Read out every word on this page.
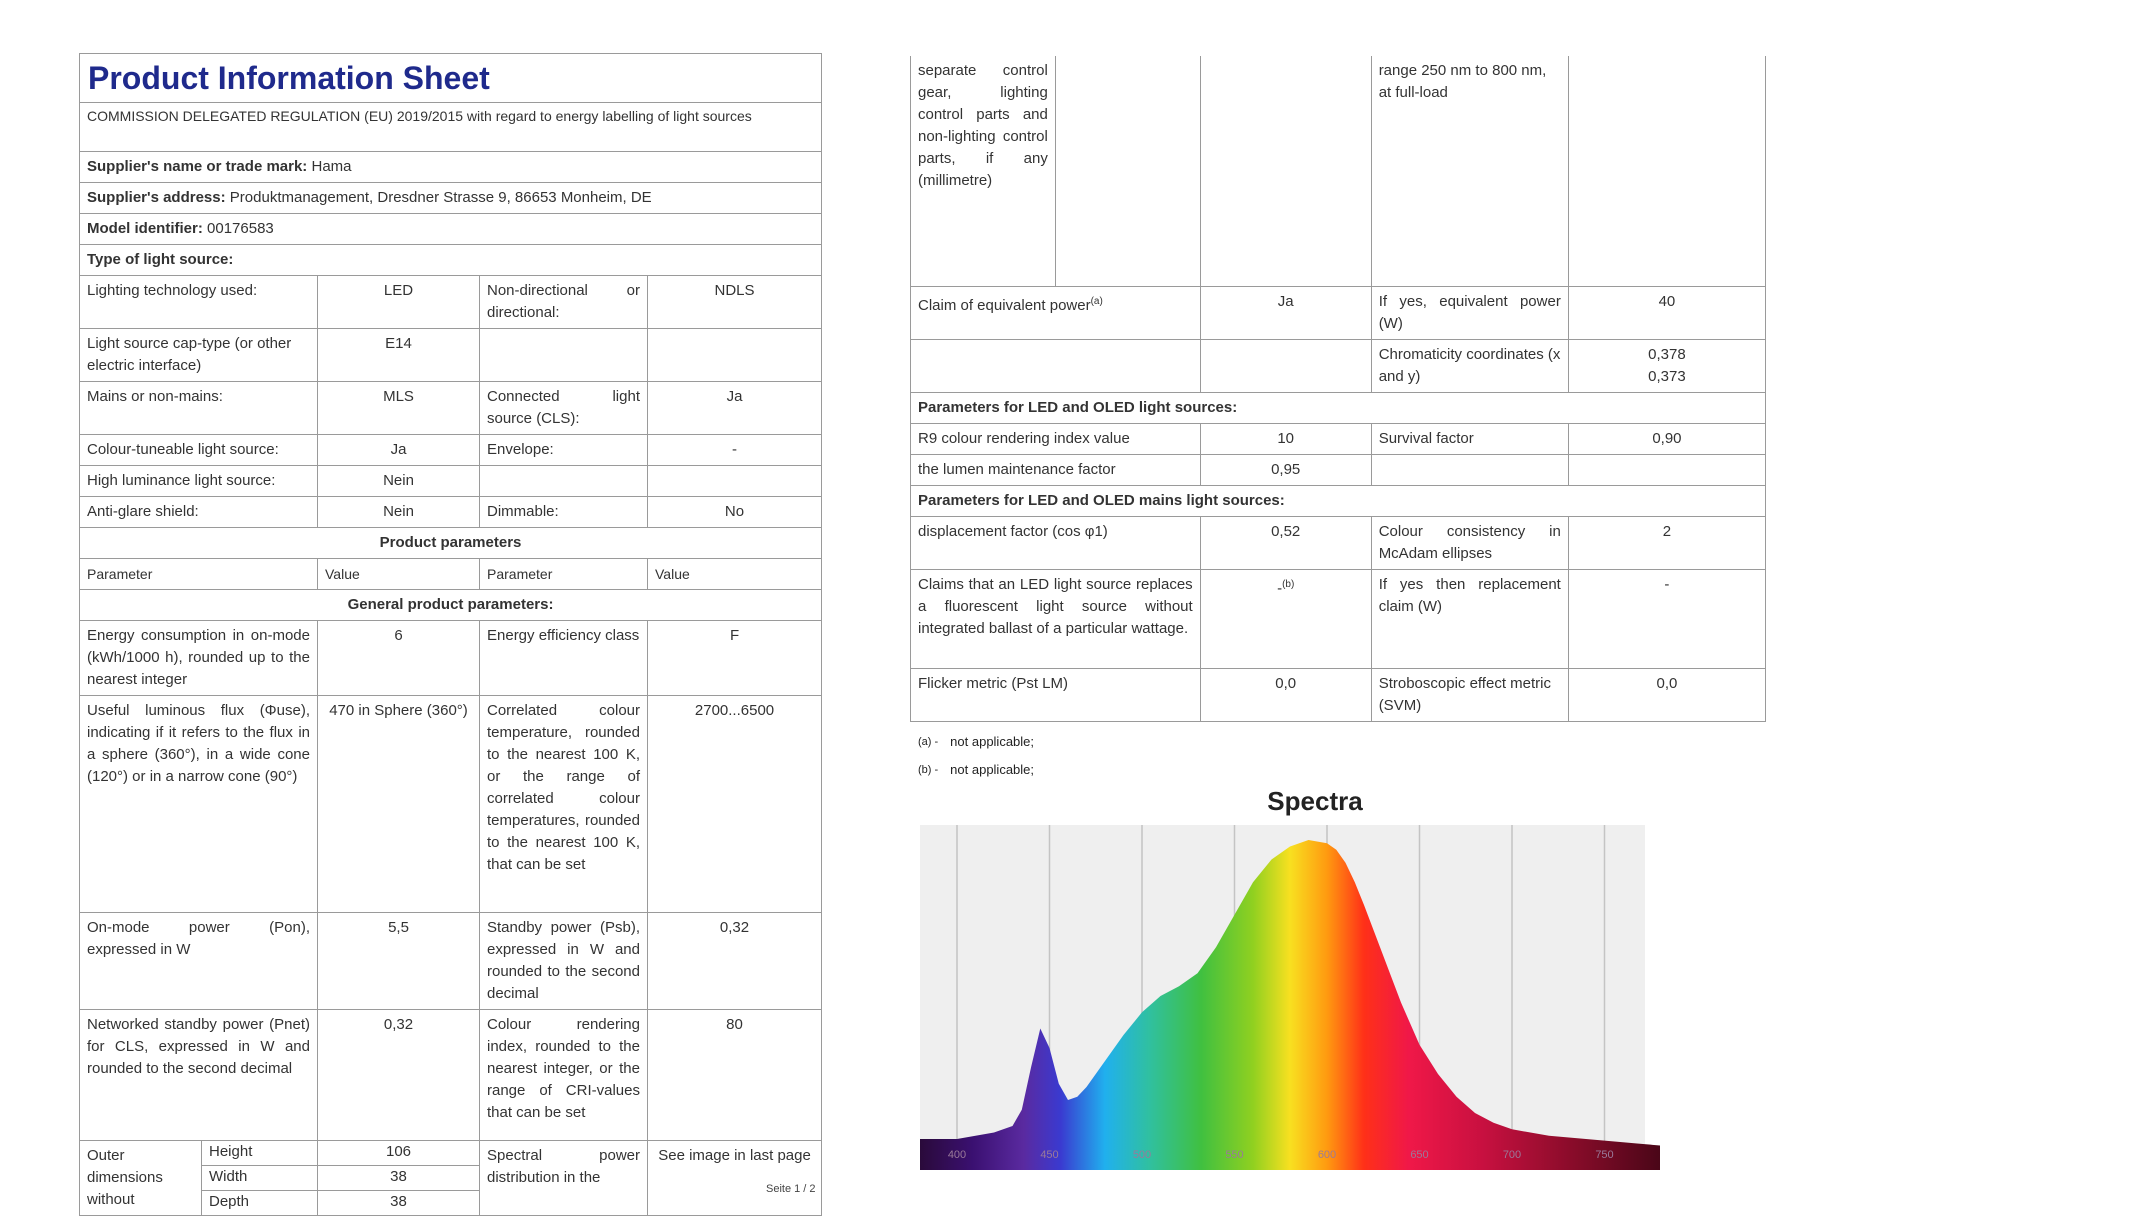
Product Information Sheet				
COMMISSION DELEGATED REGULATION (EU) 2019/2015 with regard to energy labelling of light sources				
Supplier's name or trade mark: Hama				
Supplier's address: Produktmanagement, Dresdner Strasse 9, 86653 Monheim, DE				
Model identifier: 00176583				
Type of light source:				
Lighting technology used:		LED	Non-directional or directional:	NDLS
Light source cap-type (or other electric interface)		E14		
Mains or non-mains:		MLS	Connected light source (CLS):	Ja
Colour-tuneable light source:		Ja	Envelope:	-
High luminance light source:		Nein		
Anti-glare shield:		Nein	Dimmable:	No
Product parameters				
Parameter		Value	Parameter	Value
General product parameters:				
Energy consumption in on-mode (kWh/1000 h), rounded up to the nearest integer		6	Energy efficiency class	F
Useful luminous flux (Φuse), indicating if it refers to the flux in a sphere (360°), in a wide cone (120°) or in a narrow cone (90°)		470 in Sphere (360°)	Correlated colour temperature, rounded to the nearest 100 K, or the range of correlated colour temperatures, rounded to the nearest 100 K, that can be set	2700...6500
On-mode power (Pon), expressed in W		5,5	Standby power (Psb), expressed in W and rounded to the second decimal	0,32
Networked standby power (Pnet) for CLS, expressed in W and rounded to the second decimal		0,32	Colour rendering index, rounded to the nearest integer, or the range of CRI-values that can be set	80
Outer dimensions without	Height	106	Spectral power distribution in the	See image in last page
	Width	38		
	Depth	38		
Seite 1 / 2
separate control gear, lighting control parts and non-lighting control parts, if any (millimetre)			range 250 nm to 800 nm, at full-load	
Claim of equivalent power$^{(a)}$		Ja	If yes, equivalent power (W)	40
			Chromaticity coordinates (x and y)	0,378
0,373

Parameters for LED and OLED light sources:				
R9 colour rendering index value		10	Survival factor	0,90
the lumen maintenance factor		0,95		
Parameters for LED and OLED mains light sources:				
displacement factor (cos φ1)		0,52	Colour consistency in McAdam ellipses	2
Claims that an LED light source replaces a fluorescent light source without integrated ballast of a particular wattage.		-$^{(b)}$	If yes then replacement claim (W)	-
Flicker metric (Pst LM)		0,0	Stroboscopic effect metric (SVM)	0,0
(a) - not applicable;
(b) - not applicable;
Spectra
400	450	500	550	600	650	700	750
